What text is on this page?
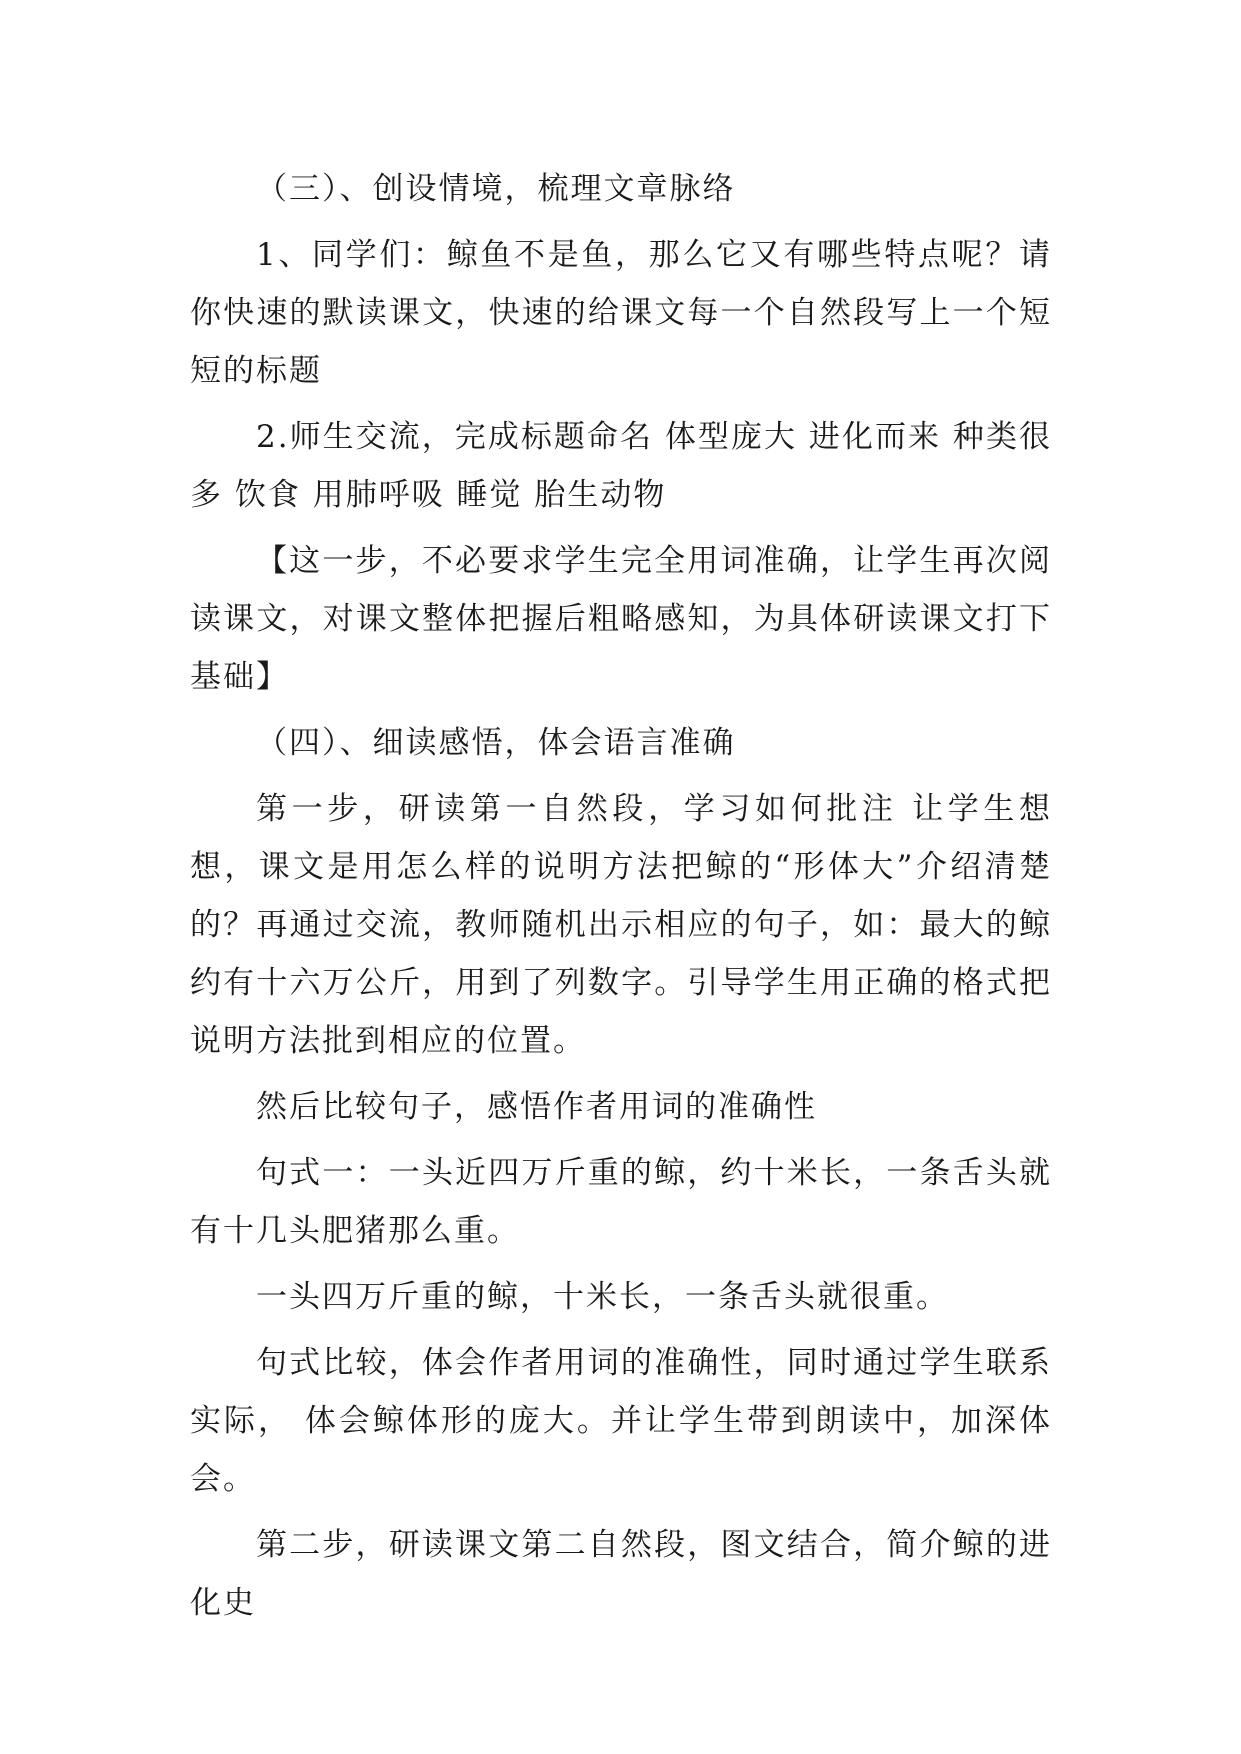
（三）、创设情境，梳理文章脉络

1、同学们：鲸鱼不是鱼，那么它又有哪些特点呢？请你快速的默读课文，快速的给课文每一个自然段写上一个短短的标题

2.师生交流，完成标题命名 体型庞大 进化而来 种类很多 饮食 用肺呼吸 睡觉 胎生动物

【这一步，不必要求学生完全用词准确，让学生再次阅读课文，对课文整体把握后粗略感知，为具体研读课文打下基础】

（四）、细读感悟，体会语言准确

第一步，研读第一自然段，学习如何批注 让学生想想，课文是用怎么样的说明方法把鲸的“形体大”介绍清楚的？再通过交流，教师随机出示相应的句子，如：最大的鲸约有十六万公斤，用到了列数字。引导学生用正确的格式把说明方法批到相应的位置。

然后比较句子，感悟作者用词的准确性

句式一：一头近四万斤重的鲸，约十米长，一条舌头就有十几头肥猪那么重。

一头四万斤重的鲸，十米长，一条舌头就很重。

句式比较，体会作者用词的准确性，同时通过学生联系实际， 体会鲸体形的庞大。并让学生带到朗读中，加深体会。

第二步，研读课文第二自然段，图文结合，简介鲸的进化史
